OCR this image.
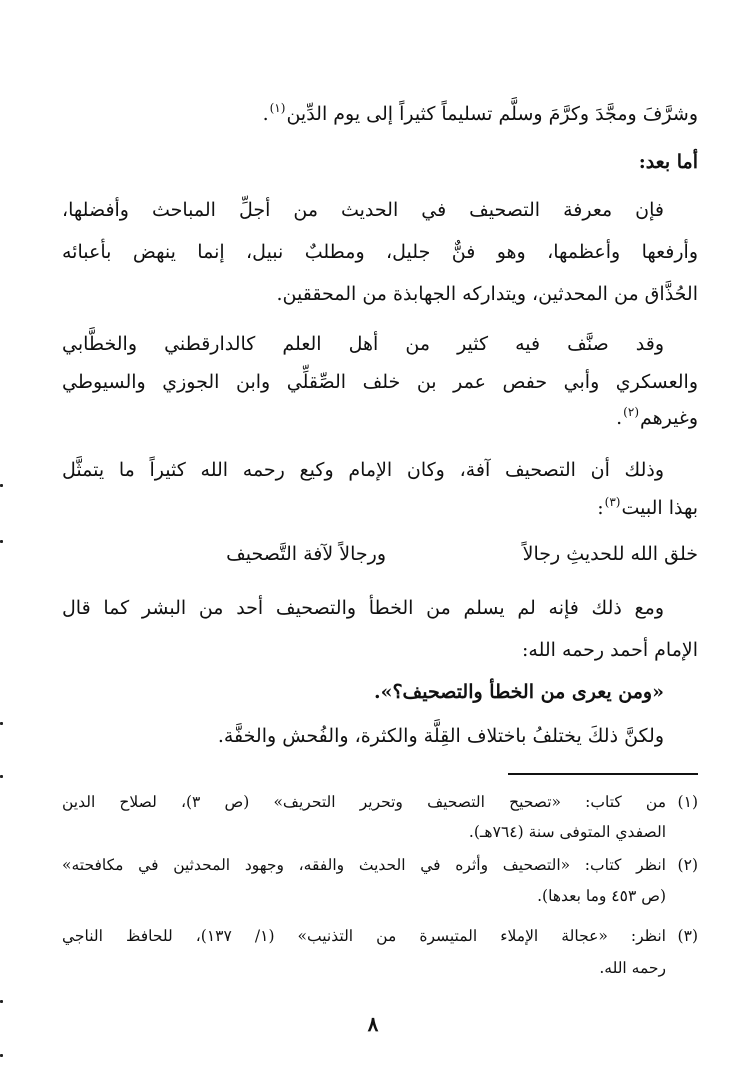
وشرَّفَ ومجَّدَ وكرَّمَ وسلَّم تسليماً كثيراً إلى يوم الدِّين$^{(١)}$.
أما بعد:
فإن معرفة التصحيف في الحديث من أجلِّ المباحث وأفضلها،
وأرفعها وأعظمها، وهو فنٌّ جليل، ومطلبٌ نبيل، إنما ينهض بأعبائه
الحُذَّاق من المحدثين، ويتداركه الجهابذة من المحققين.
وقد صنَّف فيه كثير من أهل العلم كالدارقطني والخطَّابي
والعسكري وأبي حفص عمر بن خلف الصِّقلِّي وابن الجوزي والسيوطي
وغيرهم$^{(٢)}$.
وذلك أن التصحيف آفة، وكان الإمام وكيع رحمه الله كثيراً ما يتمثَّل
بهذا البيت$^{(٣)}$:
خلق الله للحديثِ رجالاً
ورجالاً لآفة التَّصحيف
ومع ذلك فإنه لم يسلم من الخطأ والتصحيف أحد من البشر كما قال
الإمام أحمد رحمه الله:
«ومن يعرى من الخطأ والتصحيف؟».
ولكنَّ ذلكَ يختلفُ باختلاف القِلَّة والكثرة، والفُحش والخفَّة.
(١)
من كتاب: «تصحيح التصحيف وتحرير التحريف» (ص ٣)، لصلاح الدين
الصفدي المتوفى سنة (٧٦٤هـ).
(٢)
انظر كتاب: «التصحيف وأثره في الحديث والفقه، وجهود المحدثين في مكافحته»
(ص ٤٥٣ وما بعدها).
(٣)
انظر: «عجالة الإملاء المتيسرة من التذنيب» (١/ ١٣٧)، للحافظ الناجي
رحمه الله.
٨
